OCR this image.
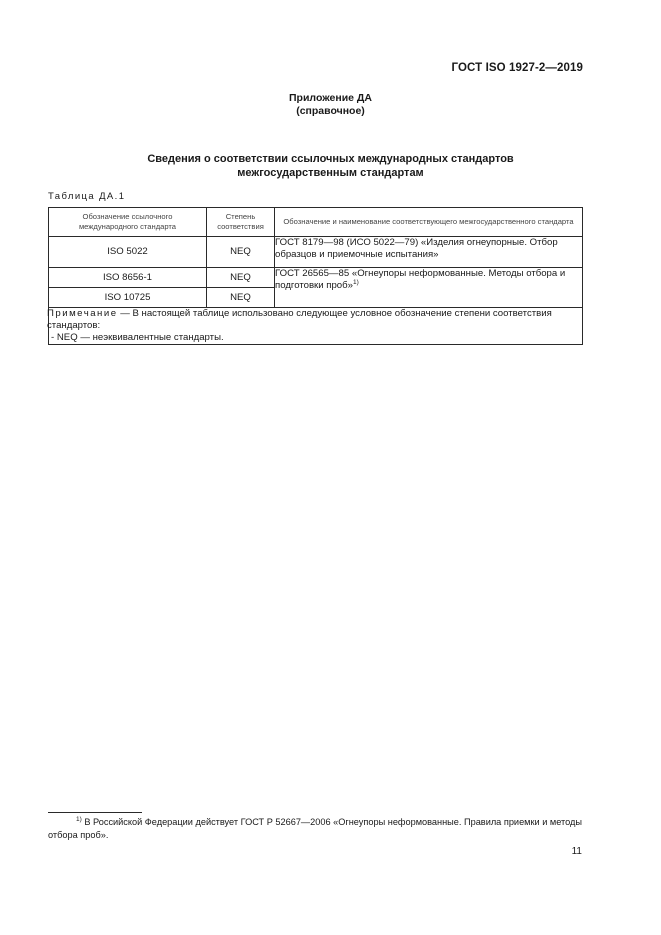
ГОСТ ISO 1927-2—2019
Приложение ДА
(справочное)
Сведения о соответствии ссылочных международных стандартов
межгосударственным стандартам
Таблица ДА.1
Обозначение ссылочного международного стандарта	Степень соответствия	Обозначение и наименование соответствующего межгосударственного стандарта
ISO 5022	NEQ	ГОСТ 8179—98 (ИСО 5022—79) «Изделия огнеупорные. Отбор образцов и приемочные испытания»
ISO 8656-1	NEQ	ГОСТ 26565—85 «Огнеупоры неформованные. Методы отбора и подготовки проб»$^{1)}$
ISO 10725	NEQ	

Примечание — В настоящей таблице использовано следующее условное обозначение степени соответствия стандартов:
- NEQ — неэквивалентные стандарты.		
$^{1)}$ В Российской Федерации действует ГОСТ Р 52667—2006 «Огнеупоры неформованные. Правила приемки и методы отбора проб».
11
